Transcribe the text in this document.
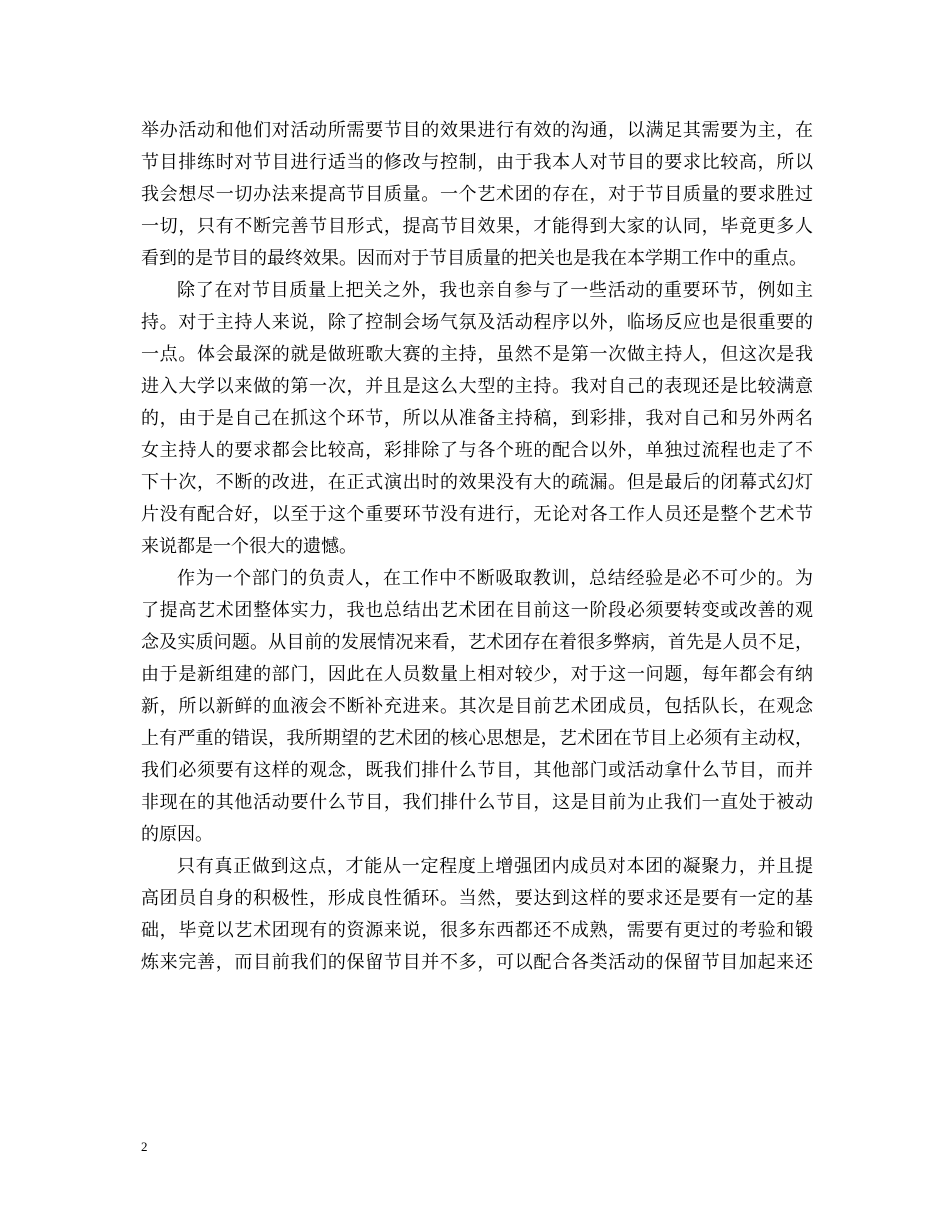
举办活动和他们对活动所需要节目的效果进行有效的沟通，以满足其需要为主，在
节目排练时对节目进行适当的修改与控制，由于我本人对节目的要求比较高，所以
我会想尽一切办法来提高节目质量。一个艺术团的存在，对于节目质量的要求胜过
一切，只有不断完善节目形式，提高节目效果，才能得到大家的认同，毕竟更多人
看到的是节目的最终效果。因而对于节目质量的把关也是我在本学期工作中的重点。
除了在对节目质量上把关之外，我也亲自参与了一些活动的重要环节，例如主
持。对于主持人来说，除了控制会场气氛及活动程序以外，临场反应也是很重要的
一点。体会最深的就是做班歌大赛的主持，虽然不是第一次做主持人，但这次是我
进入大学以来做的第一次，并且是这么大型的主持。我对自己的表现还是比较满意
的，由于是自己在抓这个环节，所以从准备主持稿，到彩排，我对自己和另外两名
女主持人的要求都会比较高，彩排除了与各个班的配合以外，单独过流程也走了不
下十次，不断的改进，在正式演出时的效果没有大的疏漏。但是最后的闭幕式幻灯
片没有配合好，以至于这个重要环节没有进行，无论对各工作人员还是整个艺术节
来说都是一个很大的遗憾。
作为一个部门的负责人，在工作中不断吸取教训，总结经验是必不可少的。为
了提高艺术团整体实力，我也总结出艺术团在目前这一阶段必须要转变或改善的观
念及实质问题。从目前的发展情况来看，艺术团存在着很多弊病，首先是人员不足，
由于是新组建的部门，因此在人员数量上相对较少，对于这一问题，每年都会有纳
新，所以新鲜的血液会不断补充进来。其次是目前艺术团成员，包括队长，在观念
上有严重的错误，我所期望的艺术团的核心思想是，艺术团在节目上必须有主动权，
我们必须要有这样的观念，既我们排什么节目，其他部门或活动拿什么节目，而并
非现在的其他活动要什么节目，我们排什么节目，这是目前为止我们一直处于被动
的原因。
只有真正做到这点，才能从一定程度上增强团内成员对本团的凝聚力，并且提
高团员自身的积极性，形成良性循环。当然，要达到这样的要求还是要有一定的基
础，毕竟以艺术团现有的资源来说，很多东西都还不成熟，需要有更过的考验和锻
炼来完善，而目前我们的保留节目并不多，可以配合各类活动的保留节目加起来还
2
